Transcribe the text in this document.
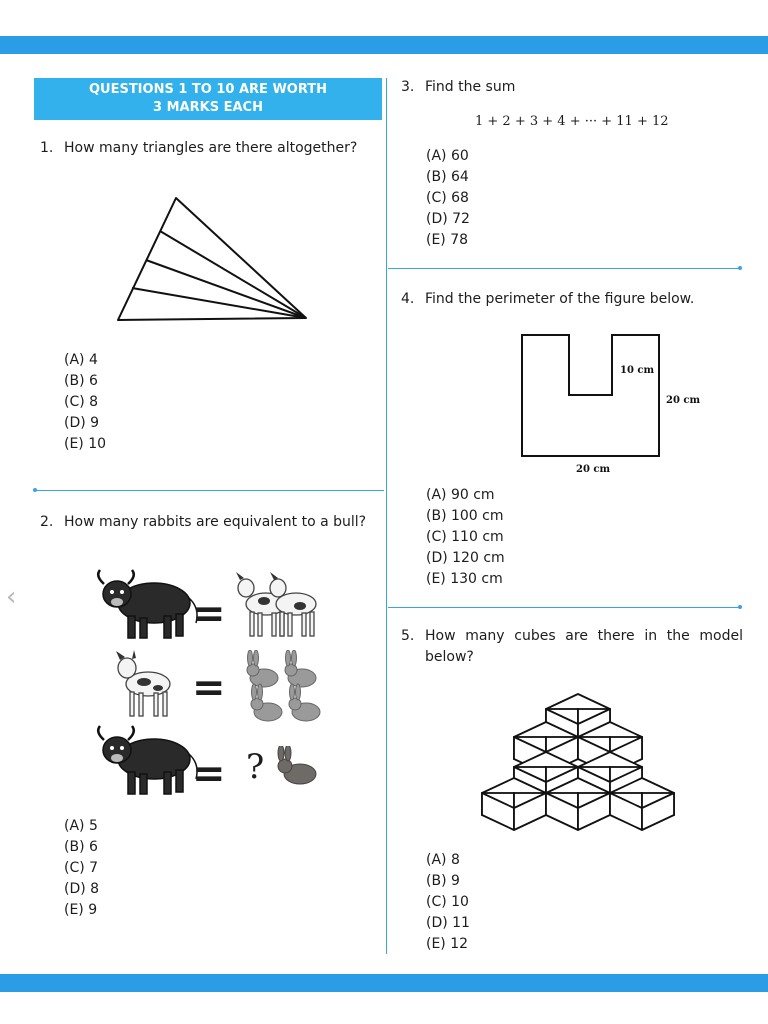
‹
QUESTIONS 1 TO 10 ARE WORTH
3 MARKS EACH
1. How many triangles are there altogether?
(A) 4
(B) 6
(C) 8
(D) 9
(E) 10
2. How many rabbits are equivalent to a bull?
=
=
= ?
(A) 5
(B) 6
(C) 7
(D) 8
(E) 9
3. Find the sum
1 + 2 + 3 + 4 + ··· + 11 + 12
(A) 60
(B) 64
(C) 68
(D) 72
(E) 78
4. Find the perimeter of the figure below.
10 cm
20 cm
20 cm
(A) 90 cm
(B) 100 cm
(C) 110 cm
(D) 120 cm
(E) 130 cm
5. How many cubes are there in the model below?
(A) 8
(B) 9
(C) 10
(D) 11
(E) 12
